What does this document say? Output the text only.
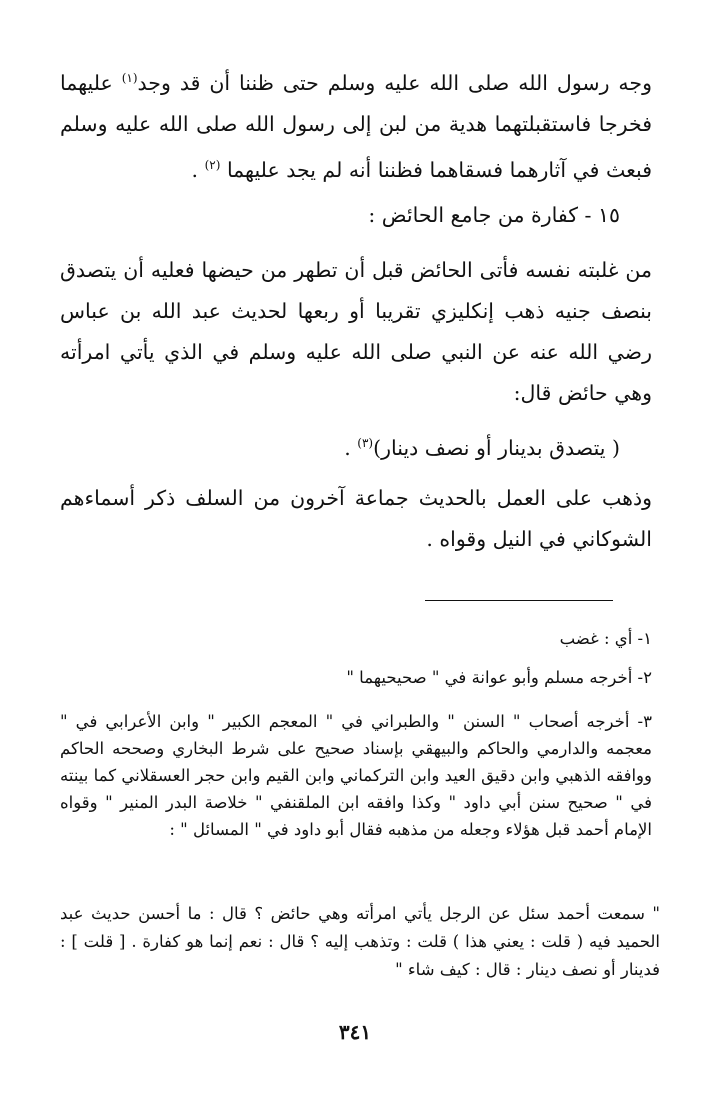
وجه رسول الله صلى الله عليه وسلم حتى ظننا أن قد وجد$^{(١)}$ عليهما فخرجا فاستقبلتهما هدية من لبن إلى رسول الله صلى الله عليه وسلم فبعث في آثارهما فسقاهما فظننا أنه لم يجد عليهما $^{(٢)}$ .

١٥ - كفارة من جامع الحائض :

من غلبته نفسه فأتى الحائض قبل أن تطهر من حيضها فعليه أن يتصدق بنصف جنيه ذهب إنكليزي تقريبا أو ربعها لحديث عبد الله بن عباس رضي الله عنه عن النبي صلى الله عليه وسلم في الذي يأتي امرأته وهي حائض قال:

( يتصدق بدينار أو نصف دينار)$^{(٣)}$ .

وذهب على العمل بالحديث جماعة آخرون من السلف ذكر أسماءهم الشوكاني في النيل وقواه .

١- أي : غضب

٢- أخرجه مسلم وأبو عوانة في " صحيحيهما "

٣- أخرجه أصحاب " السنن " والطبراني في " المعجم الكبير " وابن الأعرابي في " معجمه والدارمي والحاكم والبيهقي بإسناد صحيح على شرط البخاري وصححه الحاكم ووافقه الذهبي وابن دقيق العيد وابن التركماني وابن القيم وابن حجر العسقلاني كما بينته في " صحيح سنن أبي داود " وكذا وافقه ابن الملقنفي " خلاصة البدر المنير " وقواه الإمام أحمد قبل هؤلاء وجعله من مذهبه فقال أبو داود في " المسائل " :

" سمعت أحمد سئل عن الرجل يأتي امرأته وهي حائض ؟ قال : ما أحسن حديث عبد الحميد فيه ( قلت : يعني هذا ) قلت : وتذهب إليه ؟ قال : نعم إنما هو كفارة . [ قلت ] : فدينار أو نصف دينار : قال : كيف شاء "

٣٤١
